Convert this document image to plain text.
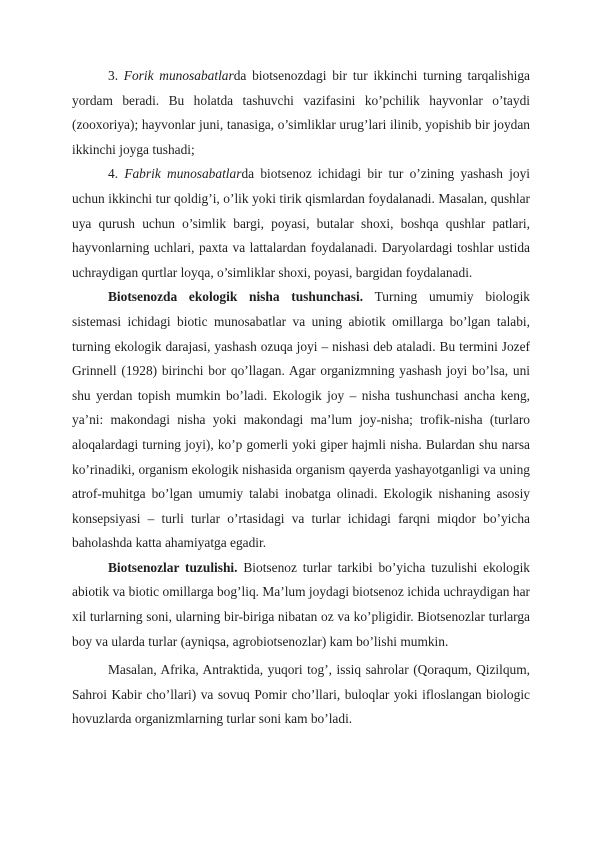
3. Forik munosabatlarda biotsenozdagi bir tur ikkinchi turning tarqalishiga yordam beradi. Bu holatda tashuvchi vazifasini ko’pchilik hayvonlar o’taydi (zooxoriya); hayvonlar juni, tanasiga, o’simliklar urug’lari ilinib, yopishib bir joydan ikkinchi joyga tushadi;

4. Fabrik munosabatlarda biotsenoz ichidagi bir tur o’zining yashash joyi uchun ikkinchi tur qoldig’i, o’lik yoki tirik qismlardan foydalanadi. Masalan, qushlar uya qurush uchun o’simlik bargi, poyasi, butalar shoxi, boshqa qushlar patlari, hayvonlarning uchlari, paxta va lattalardan foydalanadi. Daryolardagi toshlar ustida uchraydigan qurtlar loyqa, o’simliklar shoxi, poyasi, bargidan foydalanadi.

Biotsenozda ekologik nisha tushunchasi. Turning umumiy biologik sistemasi ichidagi biotic munosabatlar va uning abiotik omillarga bo’lgan talabi, turning ekologik darajasi, yashash ozuqa joyi – nishasi deb ataladi. Bu termini Jozef Grinnell (1928) birinchi bor qo’llagan. Agar organizmning yashash joyi bo’lsa, uni shu yerdan topish mumkin bo’ladi. Ekologik joy – nisha tushunchasi ancha keng, ya’ni: makondagi nisha yoki makondagi ma’lum joy-nisha; trofik-nisha (turlaro aloqalardagi turning joyi), ko’p gomerli yoki giper hajmli nisha. Bulardan shu narsa ko’rinadiki, organism ekologik nishasida organism qayerda yashayotganligi va uning atrof-muhitga bo’lgan umumiy talabi inobatga olinadi. Ekologik nishaning asosiy konsepsiyasi – turli turlar o’rtasidagi va turlar ichidagi farqni miqdor bo’yicha baholashda katta ahamiyatga egadir.

Biotsenozlar tuzulishi. Biotsenoz turlar tarkibi bo’yicha tuzulishi ekologik abiotik va biotic omillarga bog’liq. Ma’lum joydagi biotsenoz ichida uchraydigan har xil turlarning soni, ularning bir-biriga nibatan oz va ko’pligidir. Biotsenozlar turlarga boy va ularda turlar (ayniqsa, agrobiotsenozlar) kam bo’lishi mumkin.

Masalan, Afrika, Antraktida, yuqori tog’, issiq sahrolar (Qoraqum, Qizilqum, Sahroi Kabir cho’llari) va sovuq Pomir cho’llari, buloqlar yoki ifloslangan biologic hovuzlarda organizmlarning turlar soni kam bo’ladi.
